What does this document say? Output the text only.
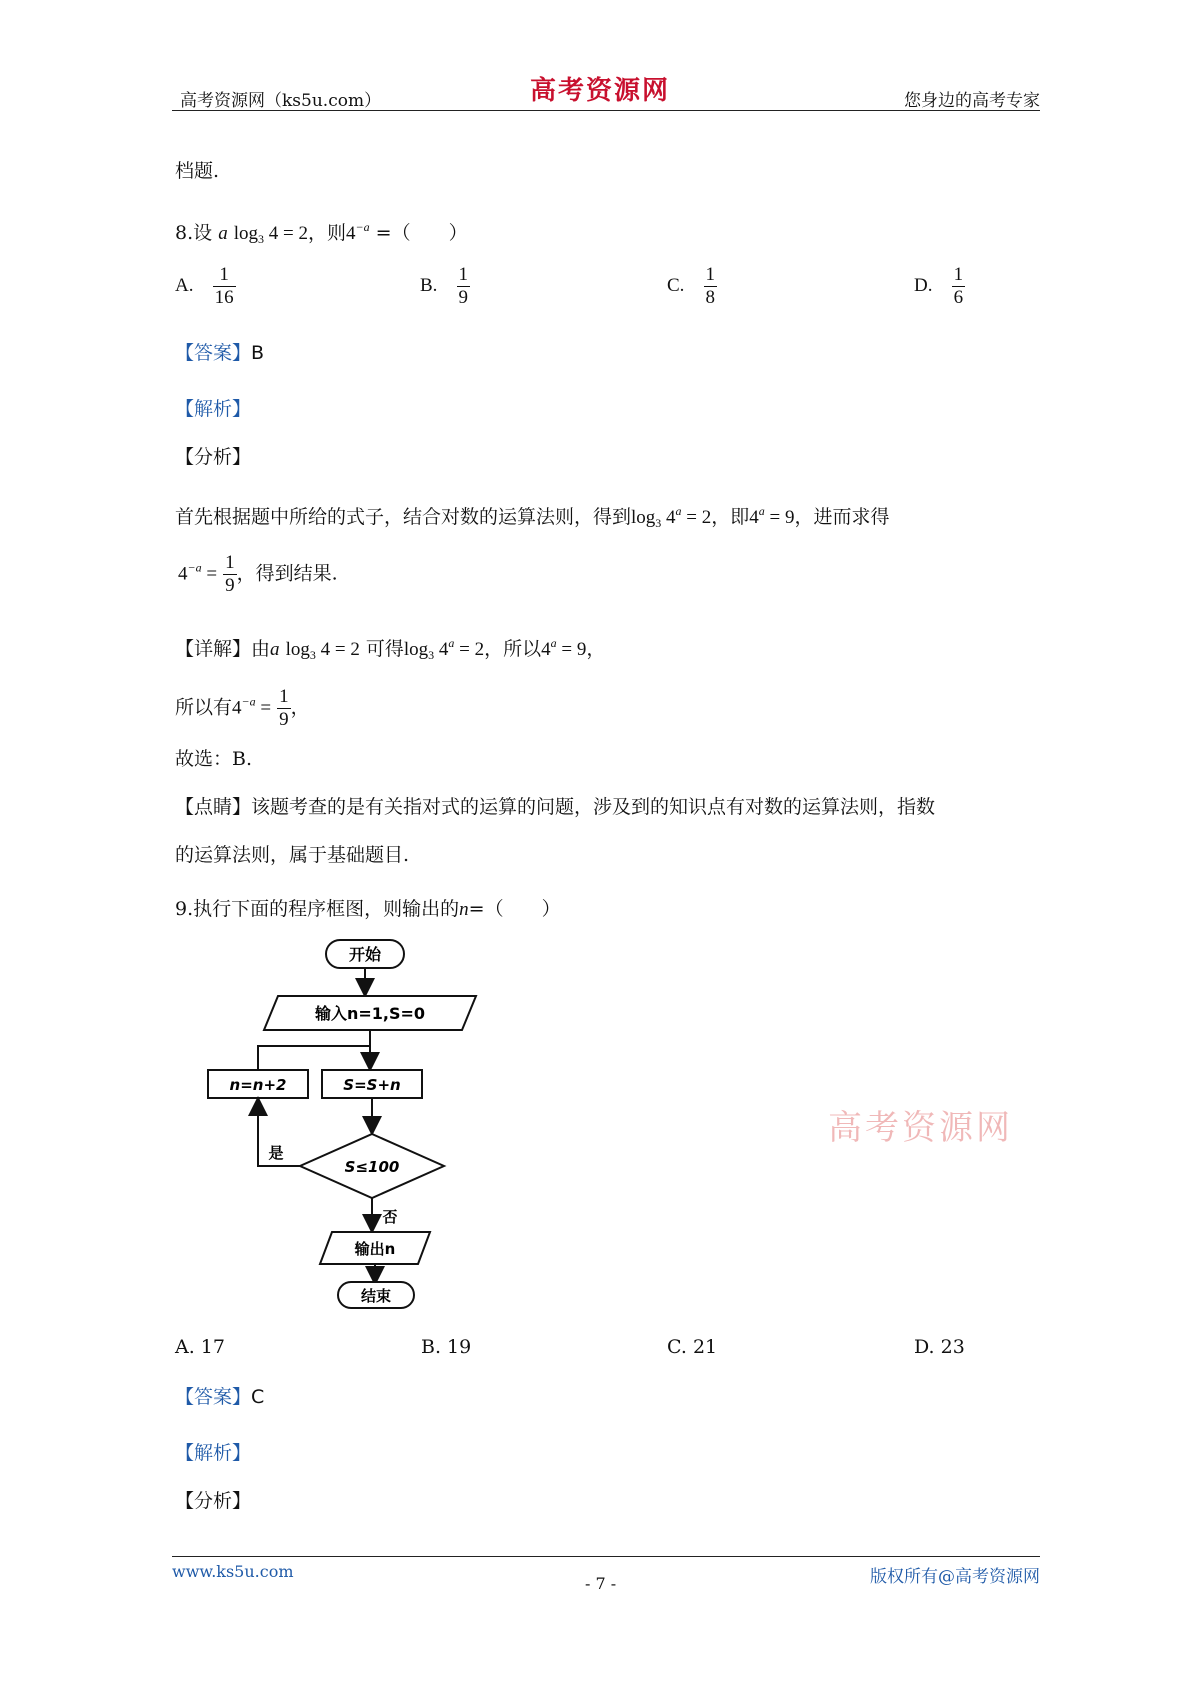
高考资源网（ks5u.com）	高考资源网	您身边的高考专家
档题.
8.设 a $\log_3 4 = 2$，则$4^{-a}$ =（　　）
A. $\frac{1}{16}$	B. $\frac{1}{9}$	C. $\frac{1}{8}$	D. $\frac{1}{6}$
【答案】B
【解析】
【分析】
首先根据题中所给的式子，结合对数的运算法则，得到$\log_3 4^a = 2$，即$4^a = 9$，进而求得
$4^{-a} = \frac{1}{9}$ ，得到结果.
【详解】由a $\log_3 4 = 2$ 可得$\log_3 4^a = 2$，所以$4^a = 9$，
所以有$4^{-a} = \frac{1}{9}$ ，
故选：B.
【点睛】该题考查的是有关指对式的运算的问题，涉及到的知识点有对数的运算法则，指数
的运算法则，属于基础题目.
9.执行下面的程序框图，则输出的n=（　　）
开始
输入n=1,S=0
S=S+n
n=n+2
S≤100
是
否
输出n
结束
高考资源网
A. 17	B. 19	C. 21	D. 23
【答案】C
【解析】
【分析】
www.ks5u.com	版权所有@高考资源网
- 7 -
